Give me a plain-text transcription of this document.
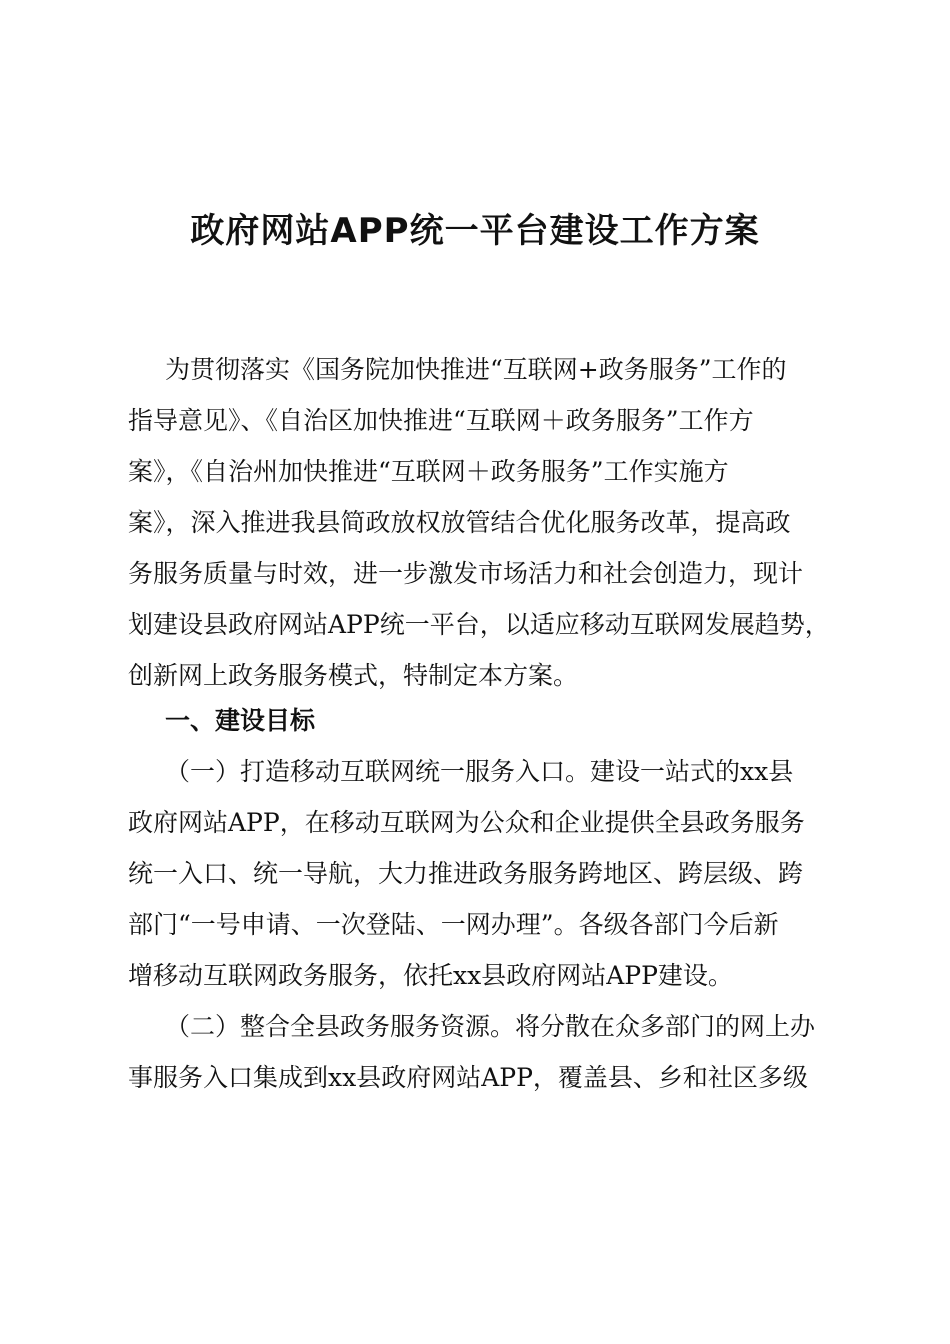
政府网站APP统一平台建设工作方案
为贯彻落实《国务院加快推进“互联网+政务服务”工作的
指导意见》、《自治区加快推进“互联网＋政务服务”工作方
案》，《自治州加快推进“互联网＋政务服务”工作实施方
案》，深入推进我县简政放权放管结合优化服务改革，提高政
务服务质量与时效，进一步激发市场活力和社会创造力，现计
划建设县政府网站APP统一平台，以适应移动互联网发展趋势，
创新网上政务服务模式，特制定本方案。
一、建设目标
（一）打造移动互联网统一服务入口。建设一站式的xx县
政府网站APP，在移动互联网为公众和企业提供全县政务服务
统一入口、统一导航，大力推进政务服务跨地区、跨层级、跨
部门“一号申请、一次登陆、一网办理”。各级各部门今后新
增移动互联网政务服务，依托xx县政府网站APP建设。
（二）整合全县政务服务资源。将分散在众多部门的网上办
事服务入口集成到xx县政府网站APP，覆盖县、乡和社区多级
